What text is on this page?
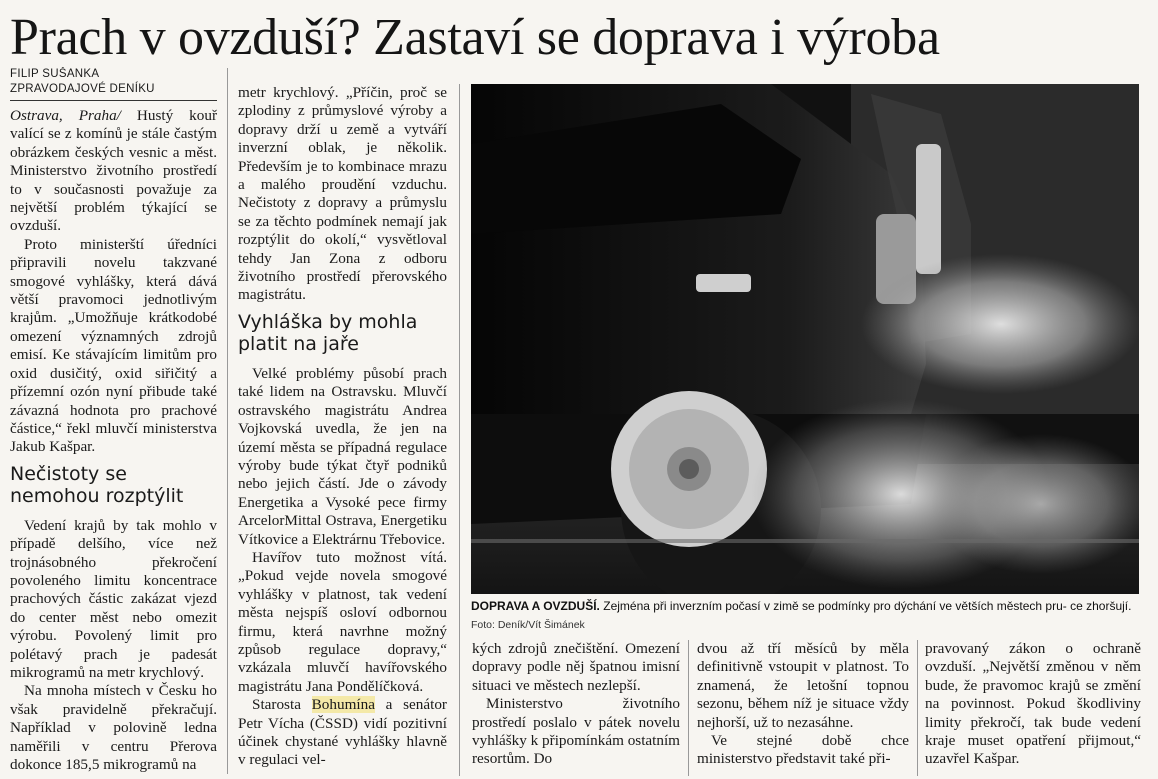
Prach v ovzduší? Zastaví se doprava i výroba
FILIP SUŠANKA
ZPRAVODAJOVÉ DENÍKU

Ostrava, Praha/ Hustý kouř valící se z komínů je stále častým obrázkem českých vesnic a měst. Ministerstvo životního prostředí to v současnosti považuje za největší problém týkající se ovzduší.

Proto ministerští úředníci připravili novelu takzvané smogové vyhlášky, která dává větší pravomoci jednotlivým krajům. „Umožňuje krátkodobé omezení významných zdrojů emisí. Ke stávajícím limitům pro oxid dusičitý, oxid siřičitý a přízemní ozón nyní přibude také závazná hodnota pro prachové částice,“ řekl mluvčí ministerstva Jakub Kašpar.

Nečistoty se nemohou rozptýlit

Vedení krajů by tak mohlo v případě delšího, více než trojnásobného překročení povoleného limitu koncentrace prachových částic zakázat vjezd do center měst nebo omezit výrobu. Povolený limit pro polétavý prach je padesát mikrogramů na metr krychlový.

Na mnoha místech v Česku ho však pravidelně překračují. Například v polovině ledna naměřili v centru Přerova dokonce 185,5 mikrogramů na

metr krychlový. „Příčin, proč se zplodiny z průmyslové výroby a dopravy drží u země a vytváří inverzní oblak, je několik. Především je to kombinace mrazu a malého proudění vzduchu. Nečistoty z dopravy a průmyslu se za těchto podmínek nemají jak rozptýlit do okolí,“ vysvětloval tehdy Jan Zona z odboru životního prostředí přerovského magistrátu.

Vyhláška by mohla platit na jaře

Velké problémy působí prach také lidem na Ostravsku. Mluvčí ostravského magistrátu Andrea Vojkovská uvedla, že jen na území města se případná regulace výroby bude týkat čtyř podniků nebo jejich částí. Jde o závody Energetika a Vysoké pece firmy ArcelorMittal Ostrava, Energetiku Vítkovice a Elektrárnu Třebovice.

Havířov tuto možnost vítá. „Pokud vejde novela smogové vyhlášky v platnost, tak vedení města nejspíš osloví odbornou firmu, která navrhne možný způsob regulace dopravy,“ vzkázala mluvčí havířovského magistrátu Jana Pondělíčková.

Starosta Bohumína a senátor Petr Vícha (ČSSD) vidí pozitivní účinek chystané vyhlášky hlavně v regulaci vel-

DOPRAVA A OVZDUŠÍ. Zejména při inverzním počasí v zimě se podmínky pro dýchání ve větších městech pru- ce zhoršují. Foto: Deník/Vít Šimánek

kých zdrojů znečištění. Omezení dopravy podle něj špatnou imisní situaci ve městech nezlepší.

Ministerstvo životního prostředí poslalo v pátek novelu vyhlášky k připomínkám ostatním resortům. Do

dvou až tří měsíců by měla definitivně vstoupit v platnost. To znamená, že letošní topnou sezonu, během níž je situace vždy nejhorší, už to nezasáhne.

Ve stejné době chce ministerstvo představit také při-

pravovaný zákon o ochraně ovzduší. „Největší změnou v něm bude, že pravomoc krajů se změní na povinnost. Pokud škodliviny limity překročí, tak bude vedení kraje muset opatření přijmout,“ uzavřel Kašpar.
